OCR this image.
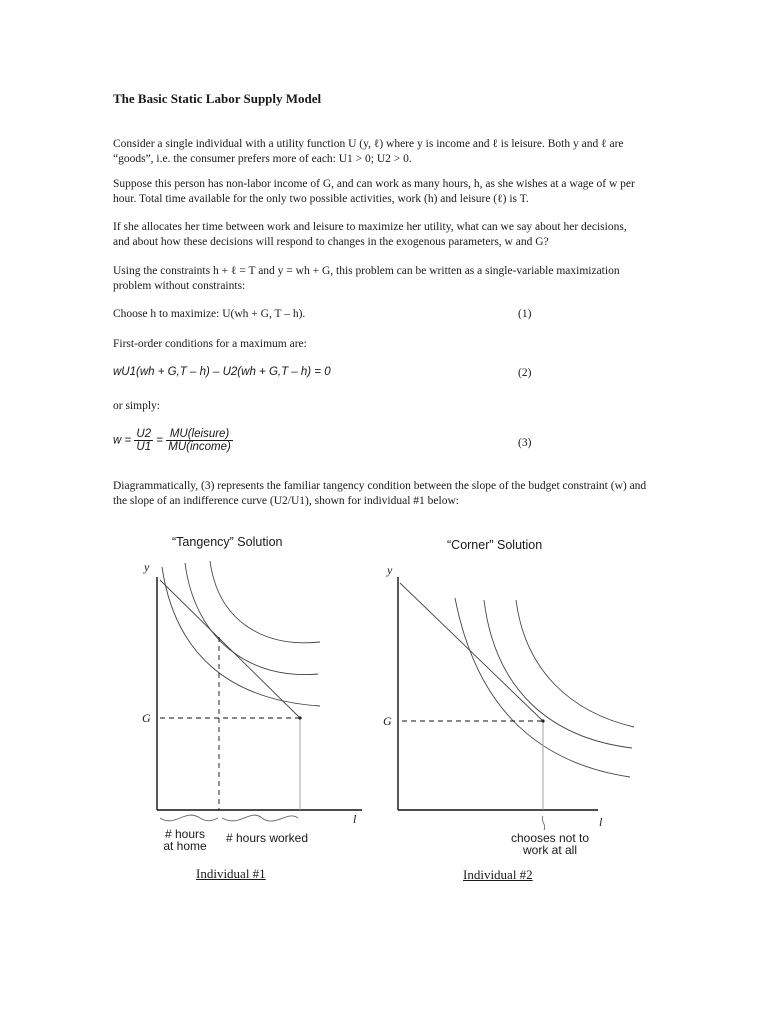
The Basic Static Labor Supply Model
Consider a single individual with a utility function U (y, ℓ) where y is income and ℓ is leisure. Both y and ℓ are “goods”, i.e. the consumer prefers more of each: U1 > 0; U2 > 0.
Suppose this person has non-labor income of G, and can work as many hours, h, as she wishes at a wage of w per hour. Total time available for the only two possible activities, work (h) and leisure (ℓ) is T.
If she allocates her time between work and leisure to maximize her utility, what can we say about her decisions, and about how these decisions will respond to changes in the exogenous parameters, w and G?
Using the constraints h + ℓ = T and y = wh + G, this problem can be written as a single-variable maximization problem without constraints:
Choose h to maximize: U(wh + G, T – h).	(1)
First-order conditions for a maximum are:
wU1(wh + G,T – h) – U2(wh + G,T – h) = 0	(2)
or simply:
$w = \frac{U2}{U1} = \frac{\text{MU(leisure)}}{\text{MU(income)}}$	(3)
Diagrammatically, (3) represents the familiar tangency condition between the slope of the budget constraint (w) and the slope of an indifference curve (U2/U1), shown for individual #1 below:
“Tangency” Solution
y
G
l
# hours
at home
# hours worked
Individual #1
“Corner” Solution
y
G
l
chooses not to
work at all
Individual #2
